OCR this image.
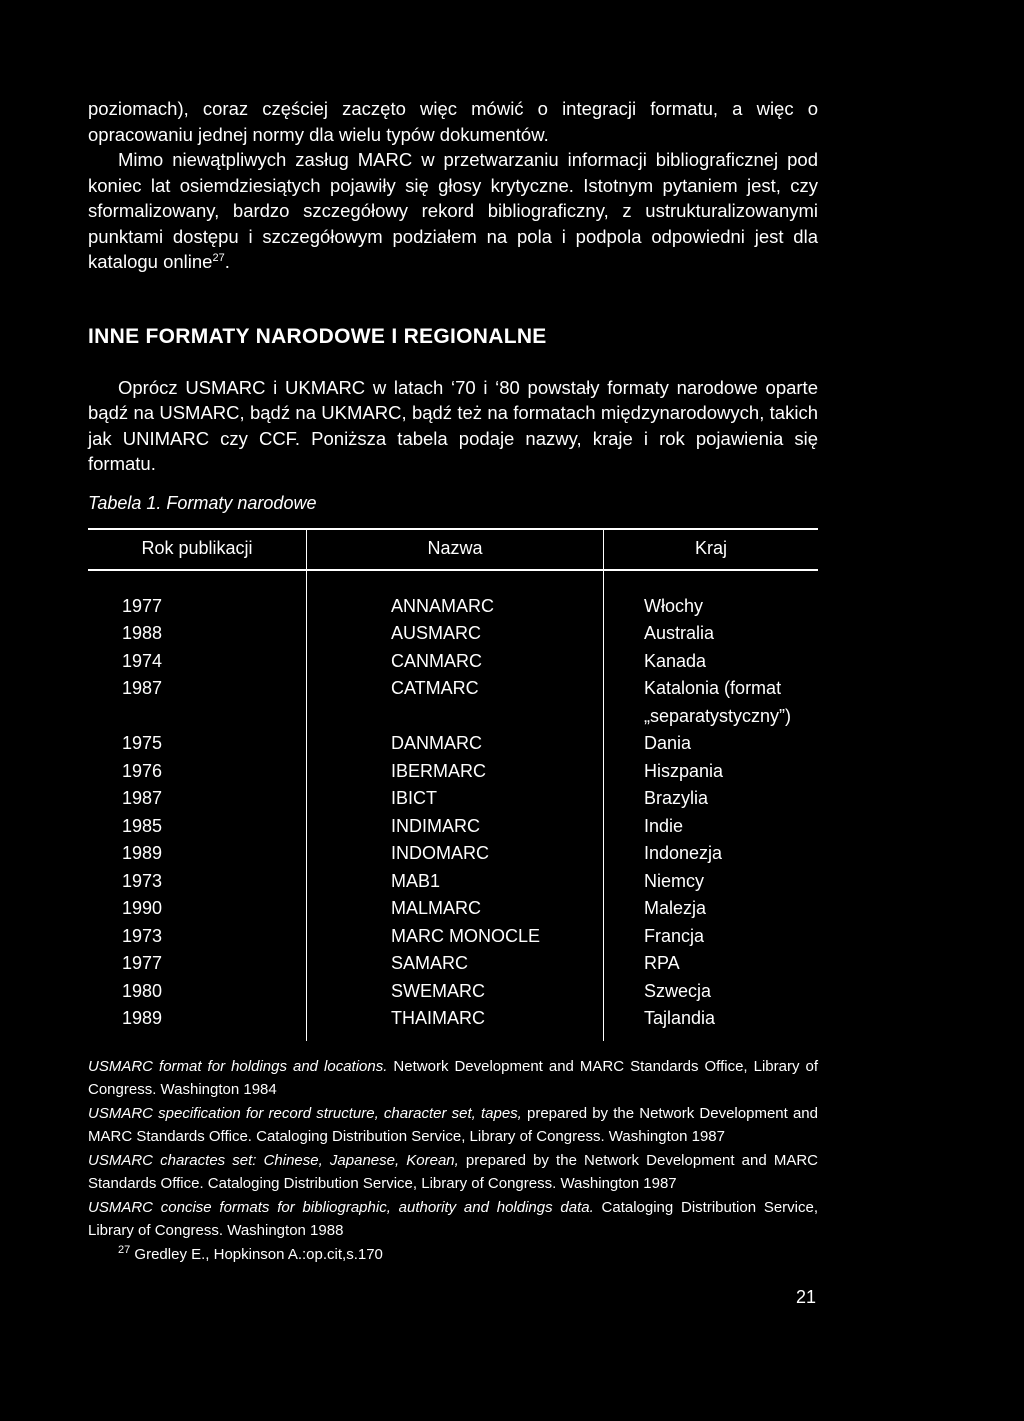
poziomach), coraz częściej zaczęto więc mówić o integracji formatu, a więc o opracowaniu jednej normy dla wielu typów dokumentów.

Mimo niewątpliwych zasług MARC w przetwarzaniu informacji bibliograficznej pod koniec lat osiemdziesiątych pojawiły się głosy krytyczne. Istotnym pytaniem jest, czy sformalizowany, bardzo szczegółowy rekord bibliograficzny, z ustrukturalizowanymi punktami dostępu i szczegółowym podziałem na pola i podpola odpowiedni jest dla katalogu online$^{27}$.

INNE FORMATY NARODOWE I REGIONALNE

Oprócz USMARC i UKMARC w latach ‘70 i ‘80 powstały formaty narodowe oparte bądź na USMARC, bądź na UKMARC, bądź też na formatach międzynarodowych, takich jak UNIMARC czy CCF. Poniższa tabela podaje nazwy, kraje i rok pojawienia się formatu.

Tabela 1. Formaty narodowe
Rok publikacji	Nazwa	Kraj
1977	ANNAMARC	Włochy
1988	AUSMARC	Australia
1974	CANMARC	Kanada
1987	CATMARC	Katalonia (format „separatystyczny”)
1975	DANMARC	Dania
1976	IBERMARC	Hiszpania
1987	IBICT	Brazylia
1985	INDIMARC	Indie
1989	INDOMARC	Indonezja
1973	MAB1	Niemcy
1990	MALMARC	Malezja
1973	MARC MONOCLE	Francja
1977	SAMARC	RPA
1980	SWEMARC	Szwecja
1989	THAIMARC	Tajlandia
USMARC format for holdings and locations. Network Development and MARC Standards Office, Library of Congress. Washington 1984
USMARC specification for record structure, character set, tapes, prepared by the Network Development and MARC Standards Office. Cataloging Distribution Service, Library of Congress. Washington 1987
USMARC charactes set: Chinese, Japanese, Korean, prepared by the Network Development and MARC Standards Office. Cataloging Distribution Service, Library of Congress. Washington 1987
USMARC concise formats for bibliographic, authority and holdings data. Cataloging Distribution Service, Library of Congress. Washington 1988
$^{27}$ Gredley E., Hopkinson A.:op.cit,s.170
21
